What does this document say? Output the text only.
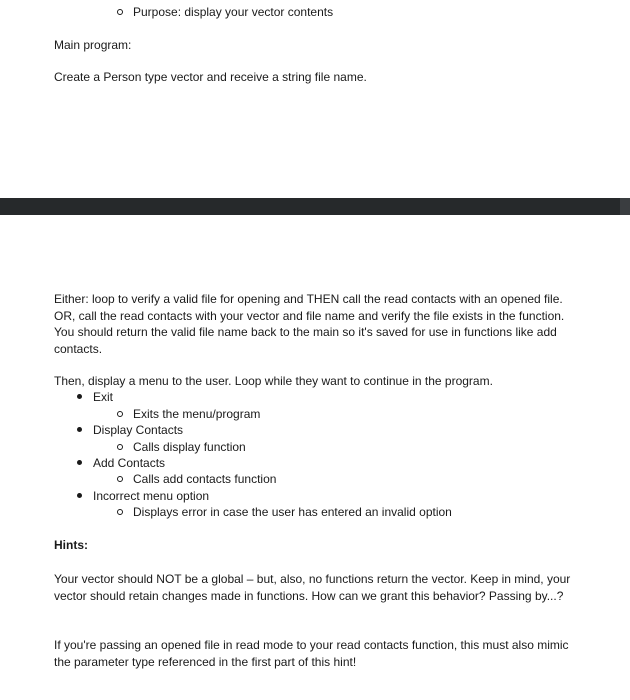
Purpose: display your vector contents
Main program:
Create a Person type vector and receive a string file name.
Either: loop to verify a valid file for opening and THEN call the read contacts with an opened file. OR, call the read contacts with your vector and file name and verify the file exists in the function. You should return the valid file name back to the main so it's saved for use in functions like add contacts.
Then, display a menu to the user. Loop while they want to continue in the program.
Exit
Exits the menu/program
Display Contacts
Calls display function
Add Contacts
Calls add contacts function
Incorrect menu option
Displays error in case the user has entered an invalid option
Hints:
Your vector should NOT be a global – but, also, no functions return the vector. Keep in mind, your vector should retain changes made in functions. How can we grant this behavior? Passing by...?
If you're passing an opened file in read mode to your read contacts function, this must also mimic the parameter type referenced in the first part of this hint!
